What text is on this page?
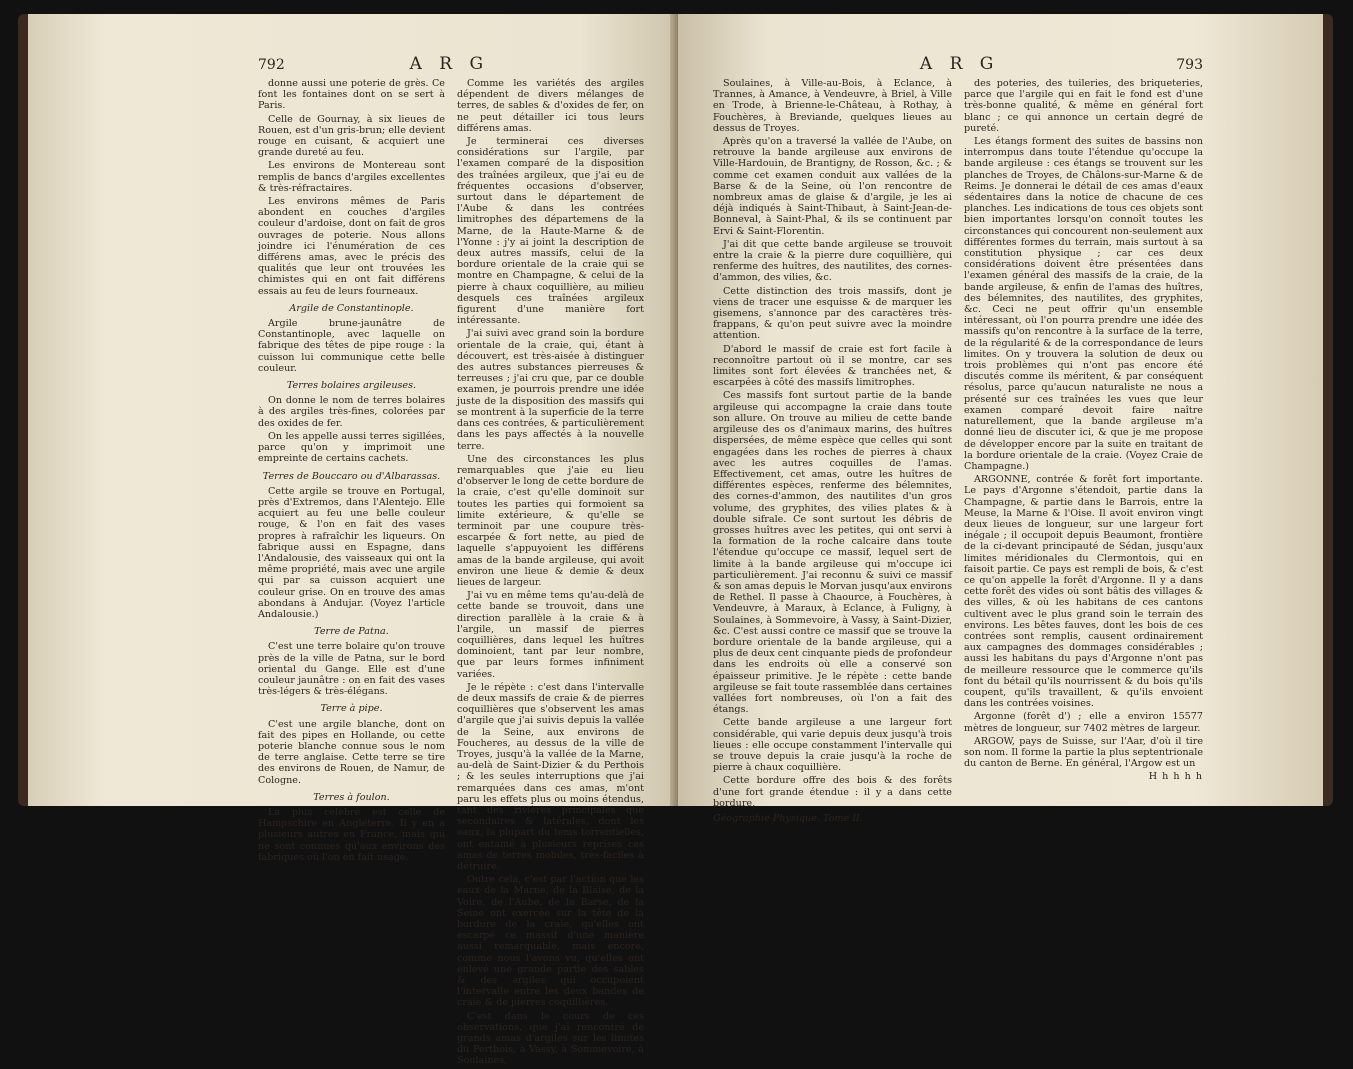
792	A R G

donne aussi une poterie de grès. Ce font les fontaines dont on se sert à Paris.

Celle de Gournay, à six lieues de Rouen, est d'un gris-brun; elle devient rouge en cuisant, & acquiert une grande dureté au feu.

Les environs de Montereau sont remplis de bancs d'argiles excellentes & très-réfractaires.

Les environs mêmes de Paris abondent en couches d'argiles couleur d'ardoise, dont on fait de gros ouvrages de poterie. Nous allons joindre ici l'énumération de ces différens amas, avec le précis des qualités que leur ont trouvées les chimistes qui en ont fait différens essais au feu de leurs fourneaux.

Argile de Constantinople.

Argile brune-jaunâtre de Constantinople, avec laquelle on fabrique des têtes de pipe rouge : la cuisson lui communique cette belle couleur.

Terres bolaires argileuses.

On donne le nom de terres bolaires à des argiles très-fines, colorées par des oxides de fer.

On les appelle aussi terres sigillées, parce qu'on y imprimoit une empreinte de certains cachets.

Terres de Bouccaro ou d'Albarassas.

Cette argile se trouve en Portugal, près d'Extremos, dans l'Alentejo. Elle acquiert au feu une belle couleur rouge, & l'on en fait des vases propres à rafraîchir les liqueurs. On fabrique aussi en Espagne, dans l'Andalousie, des vaisseaux qui ont la même propriété, mais avec une argile qui par sa cuisson acquiert une couleur grise. On en trouve des amas abondans à Andujar. (Voyez l'article Andalousie.)

Terre de Patna.

C'est une terre bolaire qu'on trouve près de la ville de Patna, sur le bord oriental du Gange. Elle est d'une couleur jaunâtre : on en fait des vases très-légers & très-élégans.

Terre à pipe.

C'est une argile blanche, dont on fait des pipes en Hollande, ou cette poterie blanche connue sous le nom de terre anglaise. Cette terre se tire des environs de Rouen, de Namur, de Cologne.

Terres à foulon.

La plus célèbre est celle de Hampschire en Angleterre. Il y en a plusieurs autres en France, mais qui ne sont connues qu'aux environs des fabriques où l'on en fait usage.

Comme les variétés des argiles dépendent de divers mélanges de terres, de sables & d'oxides de fer, on ne peut détailler ici tous leurs différens amas.

Je terminerai ces diverses considérations sur l'argile, par l'examen comparé de la disposition des traînées argileux, que j'ai eu de fréquentes occasions d'observer, surtout dans le département de l'Aube & dans les contrées limitrophes des départemens de la Marne, de la Haute-Marne & de l'Yonne : j'y ai joint la description de deux autres massifs, celui de la bordure orientale de la craie qui se montre en Champagne, & celui de la pierre à chaux coquillière, au milieu desquels ces traînées argileux figurent d'une manière fort intéressante.

J'ai suivi avec grand soin la bordure orientale de la craie, qui, étant à découvert, est très-aisée à distinguer des autres substances pierreuses & terreuses ; j'ai cru que, par ce double examen, je pourrois prendre une idée juste de la disposition des massifs qui se montrent à la superficie de la terre dans ces contrées, & particulièrement dans les pays affectés à la nouvelle terre.

Une des circonstances les plus remarquables que j'aie eu lieu d'observer le long de cette bordure de la craie, c'est qu'elle dominoit sur toutes les parties qui formoient sa limite extérieure, & qu'elle se terminoit par une coupure très-escarpée & fort nette, au pied de laquelle s'appuyoient les différens amas de la bande argileuse, qui avoit environ une lieue & demie & deux lieues de largeur.

J'ai vu en même tems qu'au-delà de cette bande se trouvoit, dans une direction parallèle à la craie & à l'argile, un massif de pierres coquillières, dans lequel les huîtres dominoient, tant par leur nombre, que par leurs formes infiniment variées.

Je le répète : c'est dans l'intervalle de deux massifs de craie & de pierres coquillières que s'observent les amas d'argile que j'ai suivis depuis la vallée de la Seine, aux environs de Foucheres, au dessus de la ville de Troyes, jusqu'à la vallée de la Marne, au-delà de Saint-Dizier & du Perthois ; & les seules interruptions que j'ai remarquées dans ces amas, m'ont paru les effets plus ou moins étendus, tant des rivières principales que secondaires & latérales, dont les eaux, la plupart du tems torrentielles, ont entamé à plusieurs reprises ces amas de terres mobiles, très-faciles à détruire.

Outre cela, c'est par l'action que les eaux de la Marne, de la Blaise, de la Voire, de l'Aube, de la Barse, de la Seine ont exercée sur la tête de la bordure de la craie, qu'elles ont escarpé ce massif d'une manière aussi remarquable, mais encore, comme nous l'avons vu, qu'elles ont enlevé une grande partie des sables & des argiles qui occupoient l'intervalle entre les deux bandes de craie & de pierres coquillières.

C'est dans le cours de ces observations, que j'ai rencontré de grands amas d'argiles sur les limites du Perthois, à Vassy, à Sommevoire, à Soulaines,

A R G	793

Soulaines, à Ville-au-Bois, à Eclance, à Trannes, à Amance, à Vendeuvre, à Briel, à Ville en Trode, à Brienne-le-Château, à Rothay, à Fouchères, à Breviande, quelques lieues au dessus de Troyes.

Après qu'on a traversé la vallée de l'Aube, on retrouve la bande argileuse aux environs de Ville-Hardouin, de Brantigny, de Rosson, &c. ; & comme cet examen conduit aux vallées de la Barse & de la Seine, où l'on rencontre de nombreux amas de glaise & d'argile, je les ai déjà indiqués à Saint-Thibaut, à Saint-Jean-de-Bonneval, à Saint-Phal, & ils se continuent par Ervi & Saint-Florentin.

J'ai dit que cette bande argileuse se trouvoit entre la craie & la pierre dure coquillière, qui renferme des huîtres, des nautilites, des cornes-d'ammon, des vilies, &c.

Cette distinction des trois massifs, dont je viens de tracer une esquisse & de marquer les gisemens, s'annonce par des caractères très-frappans, & qu'on peut suivre avec la moindre attention.

D'abord le massif de craie est fort facile à reconnoître partout où il se montre, car ses limites sont fort élevées & tranchées net, & escarpées à côté des massifs limitrophes.

Ces massifs font surtout partie de la bande argileuse qui accompagne la craie dans toute son allure. On trouve au milieu de cette bande argileuse des os d'animaux marins, des huîtres dispersées, de même espèce que celles qui sont engagées dans les roches de pierres à chaux avec les autres coquilles de l'amas. Effectivement, cet amas, outre les huîtres de différentes espèces, renferme des bélemnites, des cornes-d'ammon, des nautilites d'un gros volume, des gryphites, des vilies plates & à double sifrale. Ce sont surtout les débris de grosses huîtres avec les petites, qui ont servi à la formation de la roche calcaire dans toute l'étendue qu'occupe ce massif, lequel sert de limite à la bande argileuse qui m'occupe ici particulièrement. J'ai reconnu & suivi ce massif & son amas depuis le Morvan jusqu'aux environs de Rethel. Il passe à Chaource, à Fouchères, à Vendeuvre, à Maraux, à Eclance, à Fuligny, à Soulaines, à Sommevoire, à Vassy, à Saint-Dizier, &c. C'est aussi contre ce massif que se trouve la bordure orientale de la bande argileuse, qui a plus de deux cent cinquante pieds de profondeur dans les endroits où elle a conservé son épaisseur primitive. Je le répète : cette bande argileuse se fait toute rassemblée dans certaines vallées fort nombreuses, où l'on a fait des étangs.

Cette bande argileuse a une largeur fort considérable, qui varie depuis deux jusqu'à trois lieues : elle occupe constamment l'intervalle qui se trouve depuis la craie jusqu'à la roche de pierre à chaux coquillière.

Cette bordure offre des bois & des forêts d'une fort grande étendue : il y a dans cette bordure,

Géographie-Physique. Tome II.

des poteries, des tuileries, des briqueteries, parce que l'argile qui en fait le fond est d'une très-bonne qualité, & même en général fort blanc ; ce qui annonce un certain degré de pureté.

Les étangs forment des suites de bassins non interrompus dans toute l'étendue qu'occupe la bande argileuse : ces étangs se trouvent sur les planches de Troyes, de Châlons-sur-Marne & de Reims. Je donnerai le détail de ces amas d'eaux sédentaires dans la notice de chacune de ces planches. Les indications de tous ces objets sont bien importantes lorsqu'on connoît toutes les circonstances qui concourent non-seulement aux différentes formes du terrain, mais surtout à sa constitution physique ; car ces deux considérations doivent être présentées dans l'examen général des massifs de la craie, de la bande argileuse, & enfin de l'amas des huîtres, des bélemnites, des nautilites, des gryphites, &c. Ceci ne peut offrir qu'un ensemble intéressant, où l'on pourra prendre une idée des massifs qu'on rencontre à la surface de la terre, de la régularité & de la correspondance de leurs limites. On y trouvera la solution de deux ou trois problèmes qui n'ont pas encore été discutés comme ils méritent, & par conséquent résolus, parce qu'aucun naturaliste ne nous a présenté sur ces traînées les vues que leur examen comparé devoit faire naître naturellement, que la bande argileuse m'a donné lieu de discuter ici, & que je me propose de développer encore par la suite en traitant de la bordure orientale de la craie. (Voyez Craie de Champagne.)

ARGONNE, contrée & forêt fort importante. Le pays d'Argonne s'étendoit, partie dans la Champagne, & partie dans le Barrois, entre la Meuse, la Marne & l'Oise. Il avoit environ vingt deux lieues de longueur, sur une largeur fort inégale ; il occupoit depuis Beaumont, frontière de la ci-devant principauté de Sédan, jusqu'aux limites méridionales du Clermontois, qui en faisoit partie. Ce pays est rempli de bois, & c'est ce qu'on appelle la forêt d'Argonne. Il y a dans cette forêt des vides où sont bâtis des villages & des villes, & où les habitans de ces cantons cultivent avec le plus grand soin le terrain des environs. Les bêtes fauves, dont les bois de ces contrées sont remplis, causent ordinairement aux campagnes des dommages considérables ; aussi les habitans du pays d'Argonne n'ont pas de meilleure ressource que le commerce qu'ils font du bétail qu'ils nourrissent & du bois qu'ils coupent, qu'ils travaillent, & qu'ils envoient dans les contrées voisines.

Argonne (forêt d') ; elle a environ 15577 mètres de longueur, sur 7402 mètres de largeur.

ARGOW, pays de Suisse, sur l'Aar, d'où il tire son nom. Il forme la partie la plus septentrionale du canton de Berne. En général, l'Argow est un

H h h h h
